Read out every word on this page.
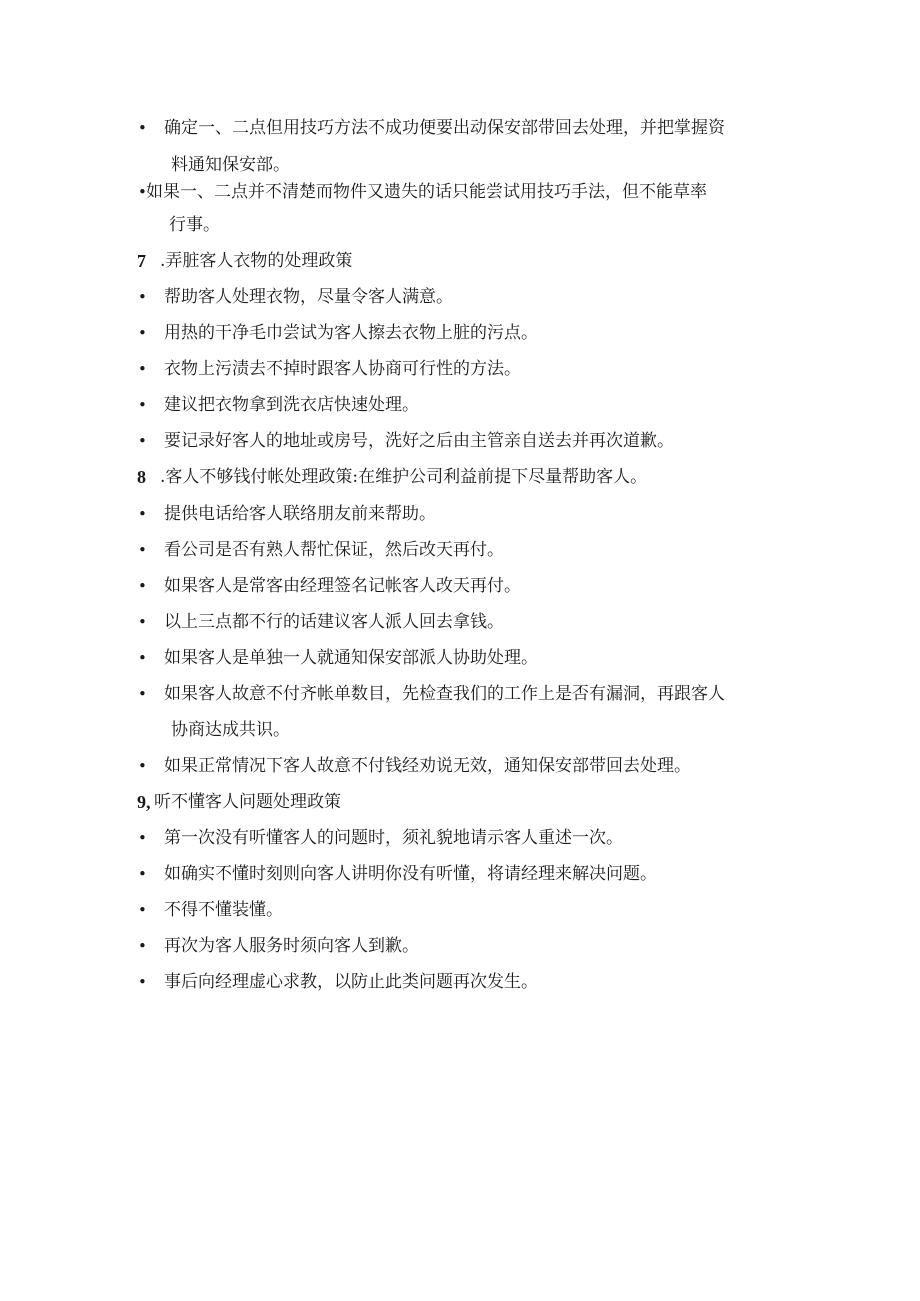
• 确定一、二点但用技巧方法不成功便要出动保安部带回去处理，并把掌握资
料通知保安部。
• 如果一、二点并不清楚而物件又遗失的话只能尝试用技巧手法，但不能草率
行事。
7 .弄脏客人衣物的处理政策
• 帮助客人处理衣物，尽量令客人满意。
• 用热的干净毛巾尝试为客人擦去衣物上脏的污点。
• 衣物上污渍去不掉时跟客人协商可行性的方法。
• 建议把衣物拿到洗衣店快速处理。
• 要记录好客人的地址或房号，洗好之后由主管亲自送去并再次道歉。
8 .客人不够钱付帐处理政策:在维护公司利益前提下尽量帮助客人。
• 提供电话给客人联络朋友前来帮助。
• 看公司是否有熟人帮忙保证，然后改天再付。
• 如果客人是常客由经理签名记帐客人改天再付。
• 以上三点都不行的话建议客人派人回去拿钱。
• 如果客人是单独一人就通知保安部派人协助处理。
• 如果客人故意不付齐帐单数目，先检查我们的工作上是否有漏洞，再跟客人
协商达成共识。
• 如果正常情况下客人故意不付钱经劝说无效，通知保安部带回去处理。
9, 听不懂客人问题处理政策
• 第一次没有听懂客人的问题时，须礼貌地请示客人重述一次。
• 如确实不懂时刻则向客人讲明你没有听懂，将请经理来解决问题。
• 不得不懂装懂。
• 再次为客人服务时须向客人到歉。
• 事后向经理虚心求教，以防止此类问题再次发生。
